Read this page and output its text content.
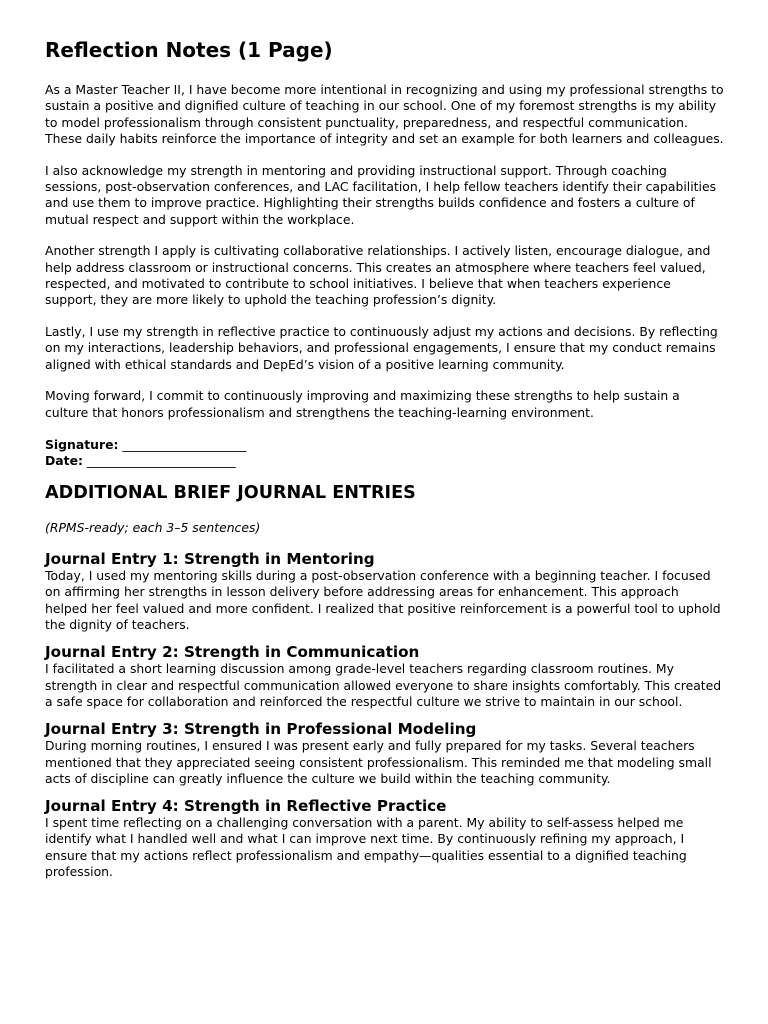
Reflection Notes (1 Page)

As a Master Teacher II, I have become more intentional in recognizing and using my professional strengths to sustain a positive and dignified culture of teaching in our school. One of my foremost strengths is my ability to model professionalism through consistent punctuality, preparedness, and respectful communication. These daily habits reinforce the importance of integrity and set an example for both learners and colleagues.

I also acknowledge my strength in mentoring and providing instructional support. Through coaching sessions, post-observation conferences, and LAC facilitation, I help fellow teachers identify their capabilities and use them to improve practice. Highlighting their strengths builds confidence and fosters a culture of mutual respect and support within the workplace.

Another strength I apply is cultivating collaborative relationships. I actively listen, encourage dialogue, and help address classroom or instructional concerns. This creates an atmosphere where teachers feel valued, respected, and motivated to contribute to school initiatives. I believe that when teachers experience support, they are more likely to uphold the teaching profession’s dignity.

Lastly, I use my strength in reflective practice to continuously adjust my actions and decisions. By reflecting on my interactions, leadership behaviors, and professional engagements, I ensure that my conduct remains aligned with ethical standards and DepEd’s vision of a positive learning community.

Moving forward, I commit to continuously improving and maximizing these strengths to help sustain a culture that honors professionalism and strengthens the teaching-learning environment.

Signature: ____________________
Date: ________________________
ADDITIONAL BRIEF JOURNAL ENTRIES

(RPMS-ready; each 3–5 sentences)

Journal Entry 1: Strength in Mentoring

Today, I used my mentoring skills during a post-observation conference with a beginning teacher. I focused on affirming her strengths in lesson delivery before addressing areas for enhancement. This approach helped her feel valued and more confident. I realized that positive reinforcement is a powerful tool to uphold the dignity of teachers.

Journal Entry 2: Strength in Communication

I facilitated a short learning discussion among grade-level teachers regarding classroom routines. My strength in clear and respectful communication allowed everyone to share insights comfortably. This created a safe space for collaboration and reinforced the respectful culture we strive to maintain in our school.

Journal Entry 3: Strength in Professional Modeling

During morning routines, I ensured I was present early and fully prepared for my tasks. Several teachers mentioned that they appreciated seeing consistent professionalism. This reminded me that modeling small acts of discipline can greatly influence the culture we build within the teaching community.

Journal Entry 4: Strength in Reflective Practice

I spent time reflecting on a challenging conversation with a parent. My ability to self-assess helped me identify what I handled well and what I can improve next time. By continuously refining my approach, I ensure that my actions reflect professionalism and empathy—qualities essential to a dignified teaching profession.
